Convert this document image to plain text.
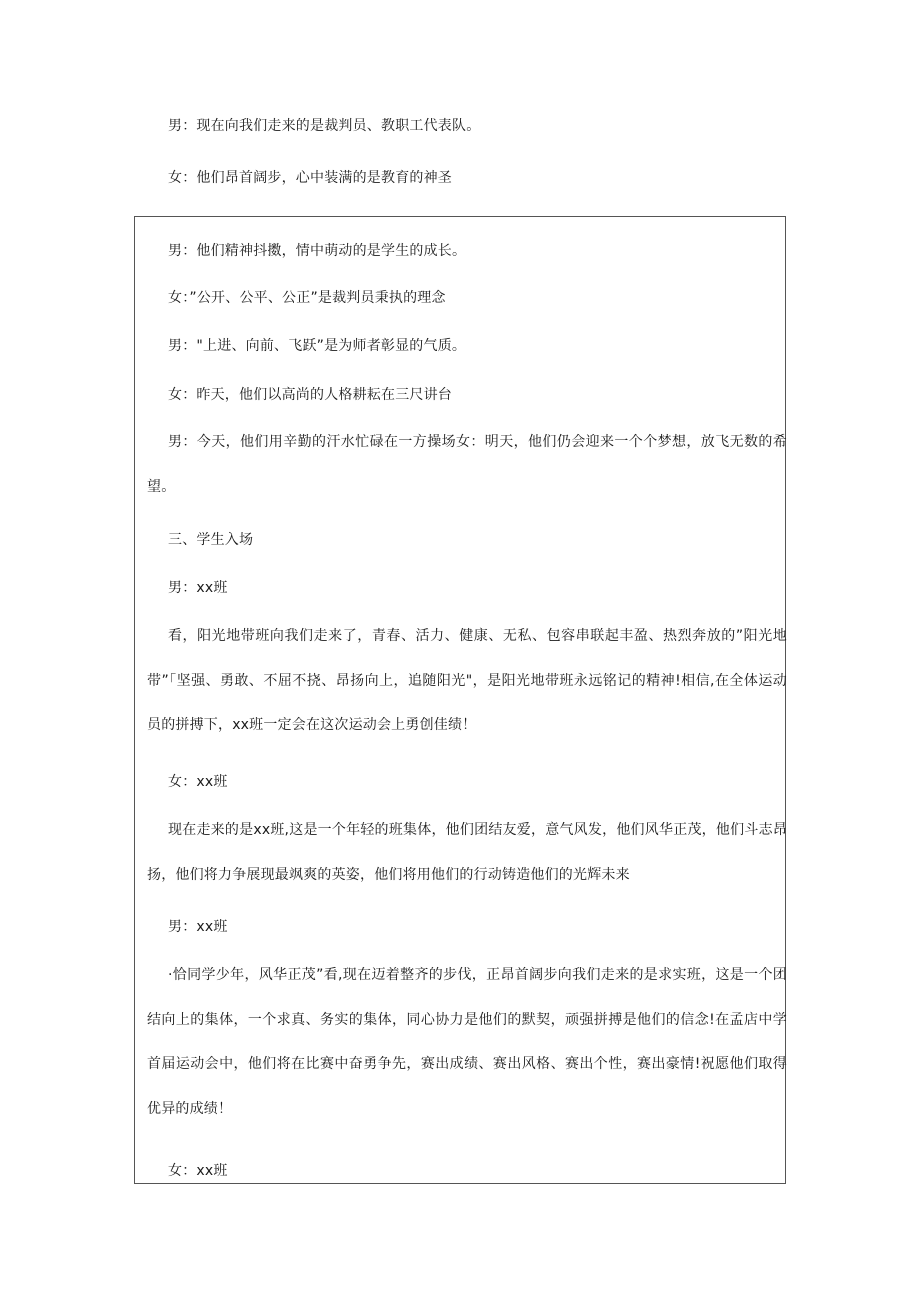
男：现在向我们走来的是裁判员、教职工代表队。
女：他们昂首阔步，心中装满的是教育的神圣
男：他们精神抖擞，情中萌动的是学生的成长。
女：”公开、公平、公正”是裁判员秉执的理念
男："上进、向前、飞跃”是为师者彰显的气质。
女：昨天，他们以高尚的人格耕耘在三尺讲台
男：今天，他们用辛勤的汗水忙碌在一方操场女：明天，他们仍会迎来一个个梦想，放飞无数的希望。
三、学生入场
男：xx班
看，阳光地带班向我们走来了，青春、活力、健康、无私、包容串联起丰盈、热烈奔放的”阳光地带”「坚强、勇敢、不屈不挠、昂扬向上，追随阳光"，是阳光地带班永远铭记的精神!相信,在全体运动员的拼搏下，xx班一定会在这次运动会上勇创佳绩！
女：xx班
现在走来的是xx班,这是一个年轻的班集体，他们团结友爱，意气风发，他们风华正茂，他们斗志昂扬，他们将力争展现最飒爽的英姿，他们将用他们的行动铸造他们的光辉未来
男：xx班
·恰同学少年，风华正茂”看,现在迈着整齐的步伐，正昂首阔步向我们走来的是求实班，这是一个团结向上的集体，一个求真、务实的集体，同心协力是他们的默契，顽强拼搏是他们的信念!在孟店中学首届运动会中，他们将在比赛中奋勇争先，赛出成绩、赛出风格、赛出个性，赛出豪情!祝愿他们取得优异的成绩！
女：xx班
